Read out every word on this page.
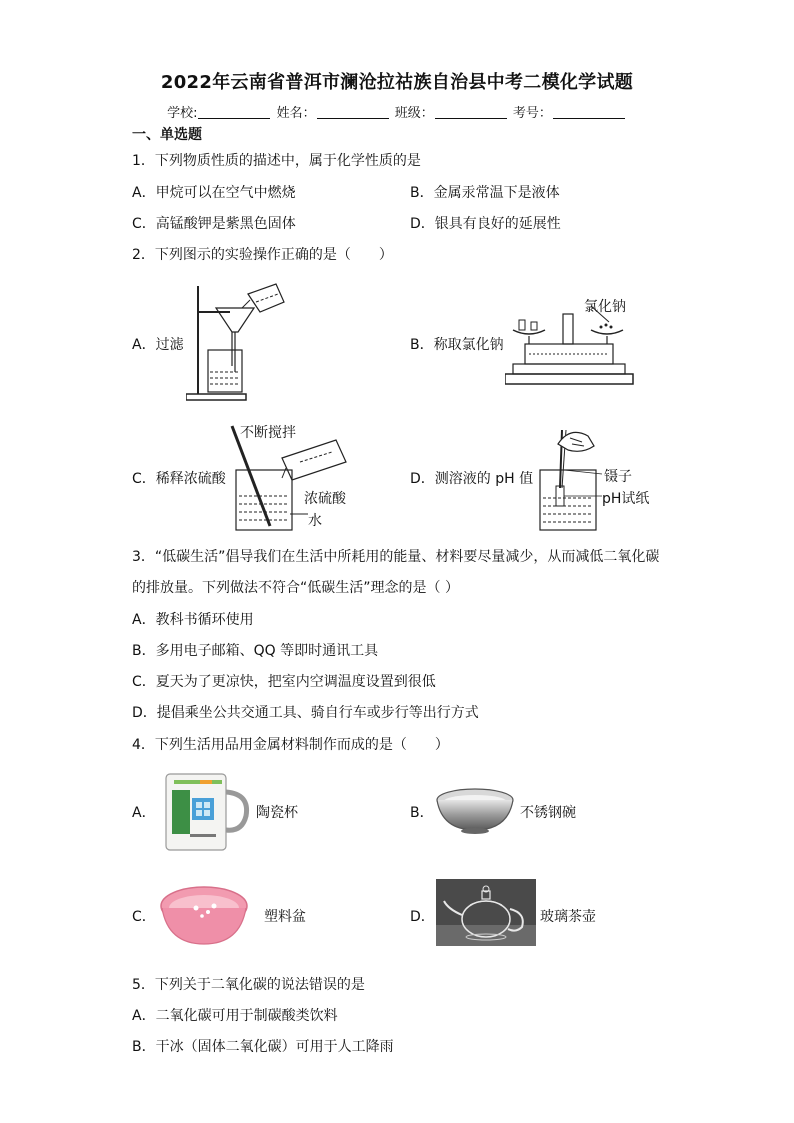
2022年云南省普洱市澜沧拉祜族自治县中考二模化学试题
学校:	姓名：	班级：	考号：
一、单选题
1．下列物质性质的描述中，属于化学性质的是
A．甲烷可以在空气中燃烧	B．金属汞常温下是液体
C．高锰酸钾是紫黑色固体	D．银具有良好的延展性
2．下列图示的实验操作正确的是（　　）
A．过滤	B．称取氯化钠
氯化钠
C．稀释浓硫酸
不断搅拌
浓硫酸
水
D．测溶液的 pH 值	镊子
pH试纸
3．“低碳生活”倡导我们在生活中所耗用的能量、材料要尽量减少，从而减低二氧化碳
的排放量。下列做法不符合“低碳生活”理念的是（ ）
A．教科书循环使用
B．多用电子邮箱、QQ 等即时通讯工具
C．夏天为了更凉快，把室内空调温度设置到很低
D．提倡乘坐公共交通工具、骑自行车或步行等出行方式
4．下列生活用品用金属材料制作而成的是（　　）
A．	陶瓷杯	B．	不锈钢碗
C．	塑料盆	D．	玻璃茶壶
5．下列关于二氧化碳的说法错误的是
A．二氧化碳可用于制碳酸类饮料
B．干冰（固体二氧化碳）可用于人工降雨
